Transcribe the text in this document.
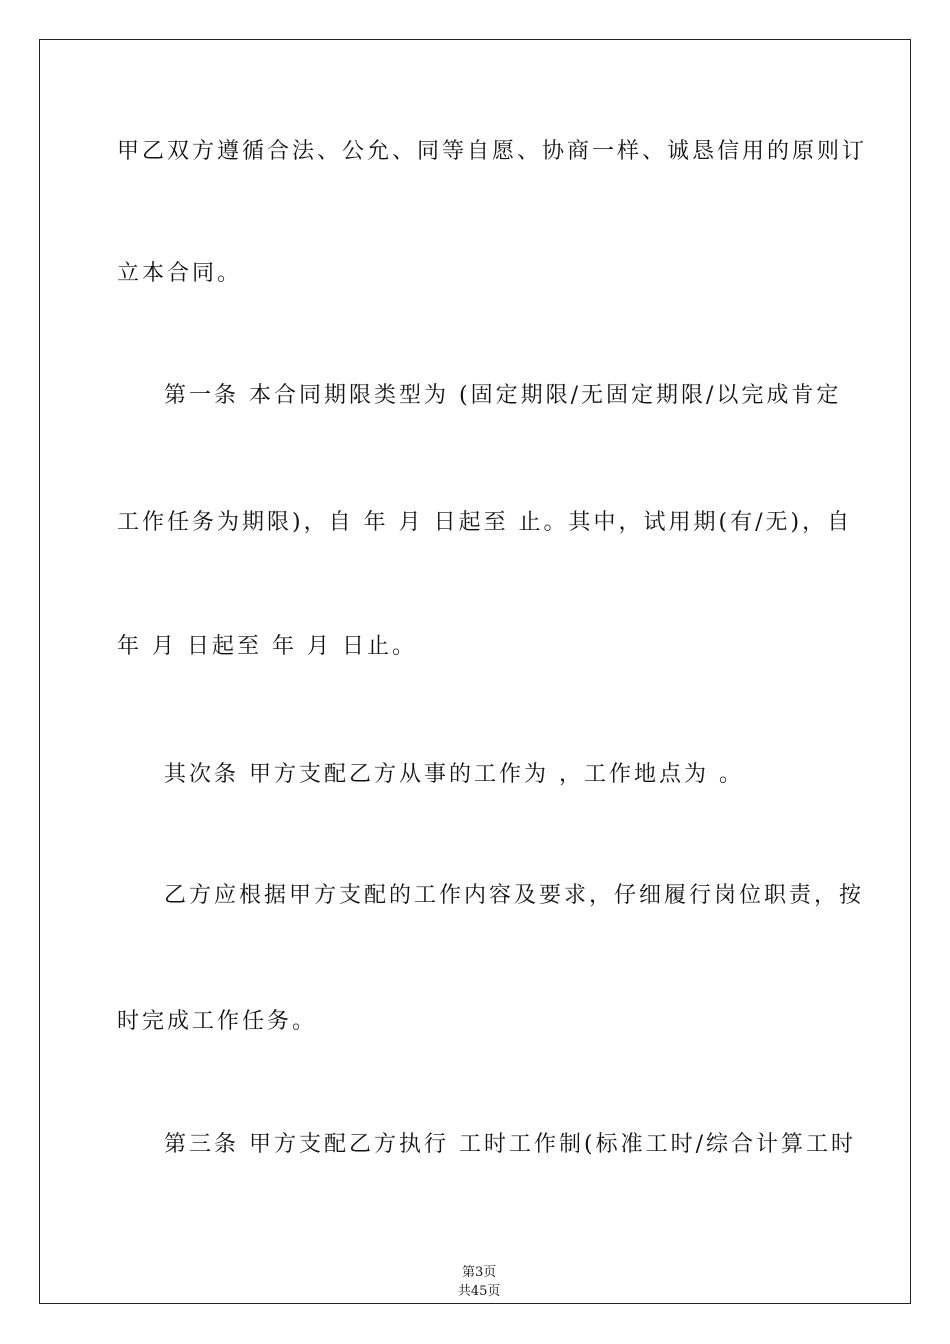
甲乙双方遵循合法、公允、同等自愿、协商一样、诚恳信用的原则订
立本合同。
第一条 本合同期限类型为 (固定期限/无固定期限/以完成肯定
工作任务为期限)，自 年 月 日起至 止。其中，试用期(有/无)，自
年 月 日起至 年 月 日止。
其次条 甲方支配乙方从事的工作为 ，工作地点为 。
乙方应根据甲方支配的工作内容及要求，仔细履行岗位职责，按
时完成工作任务。
第三条 甲方支配乙方执行 工时工作制(标准工时/综合计算工时

第3页
共45页
